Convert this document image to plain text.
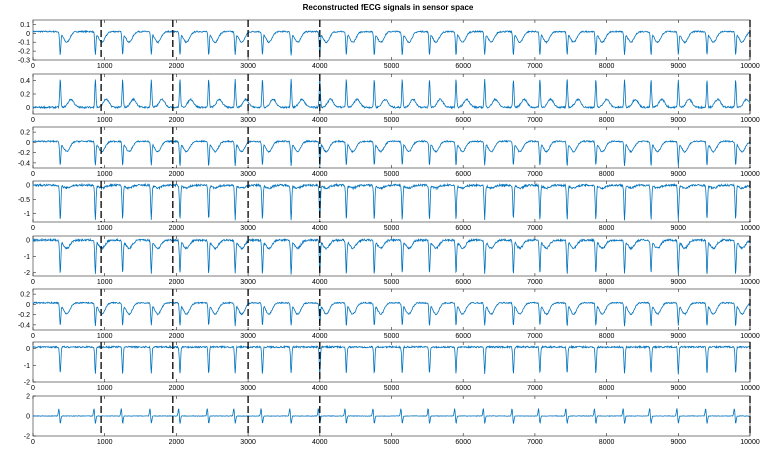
Reconstructed fECG signals in sensor space
0	1000	2000	3000	4000	5000	6000	7000	8000	9000	10000
0.1
0
-0.1
-0.2
-0.3
0	1000	2000	3000	4000	5000	6000	7000	8000	9000	10000
0.4
0.2
0
0	1000	2000	3000	4000	5000	6000	7000	8000	9000	10000
0.2
0
-0.2
-0.4
0	1000	2000	3000	4000	5000	6000	7000	8000	9000	10000
0
-0.5
-1
0	1000	2000	3000	4000	5000	6000	7000	8000	9000	10000
0
-1
-2
0	1000	2000	3000	4000	5000	6000	7000	8000	9000	10000
0.2
0
-0.2
-0.4
0	1000	2000	3000	4000	5000	6000	7000	8000	9000	10000
0
-1
-2
0	1000	2000	3000	4000	5000	6000	7000	8000	9000	10000
2
0
-2
